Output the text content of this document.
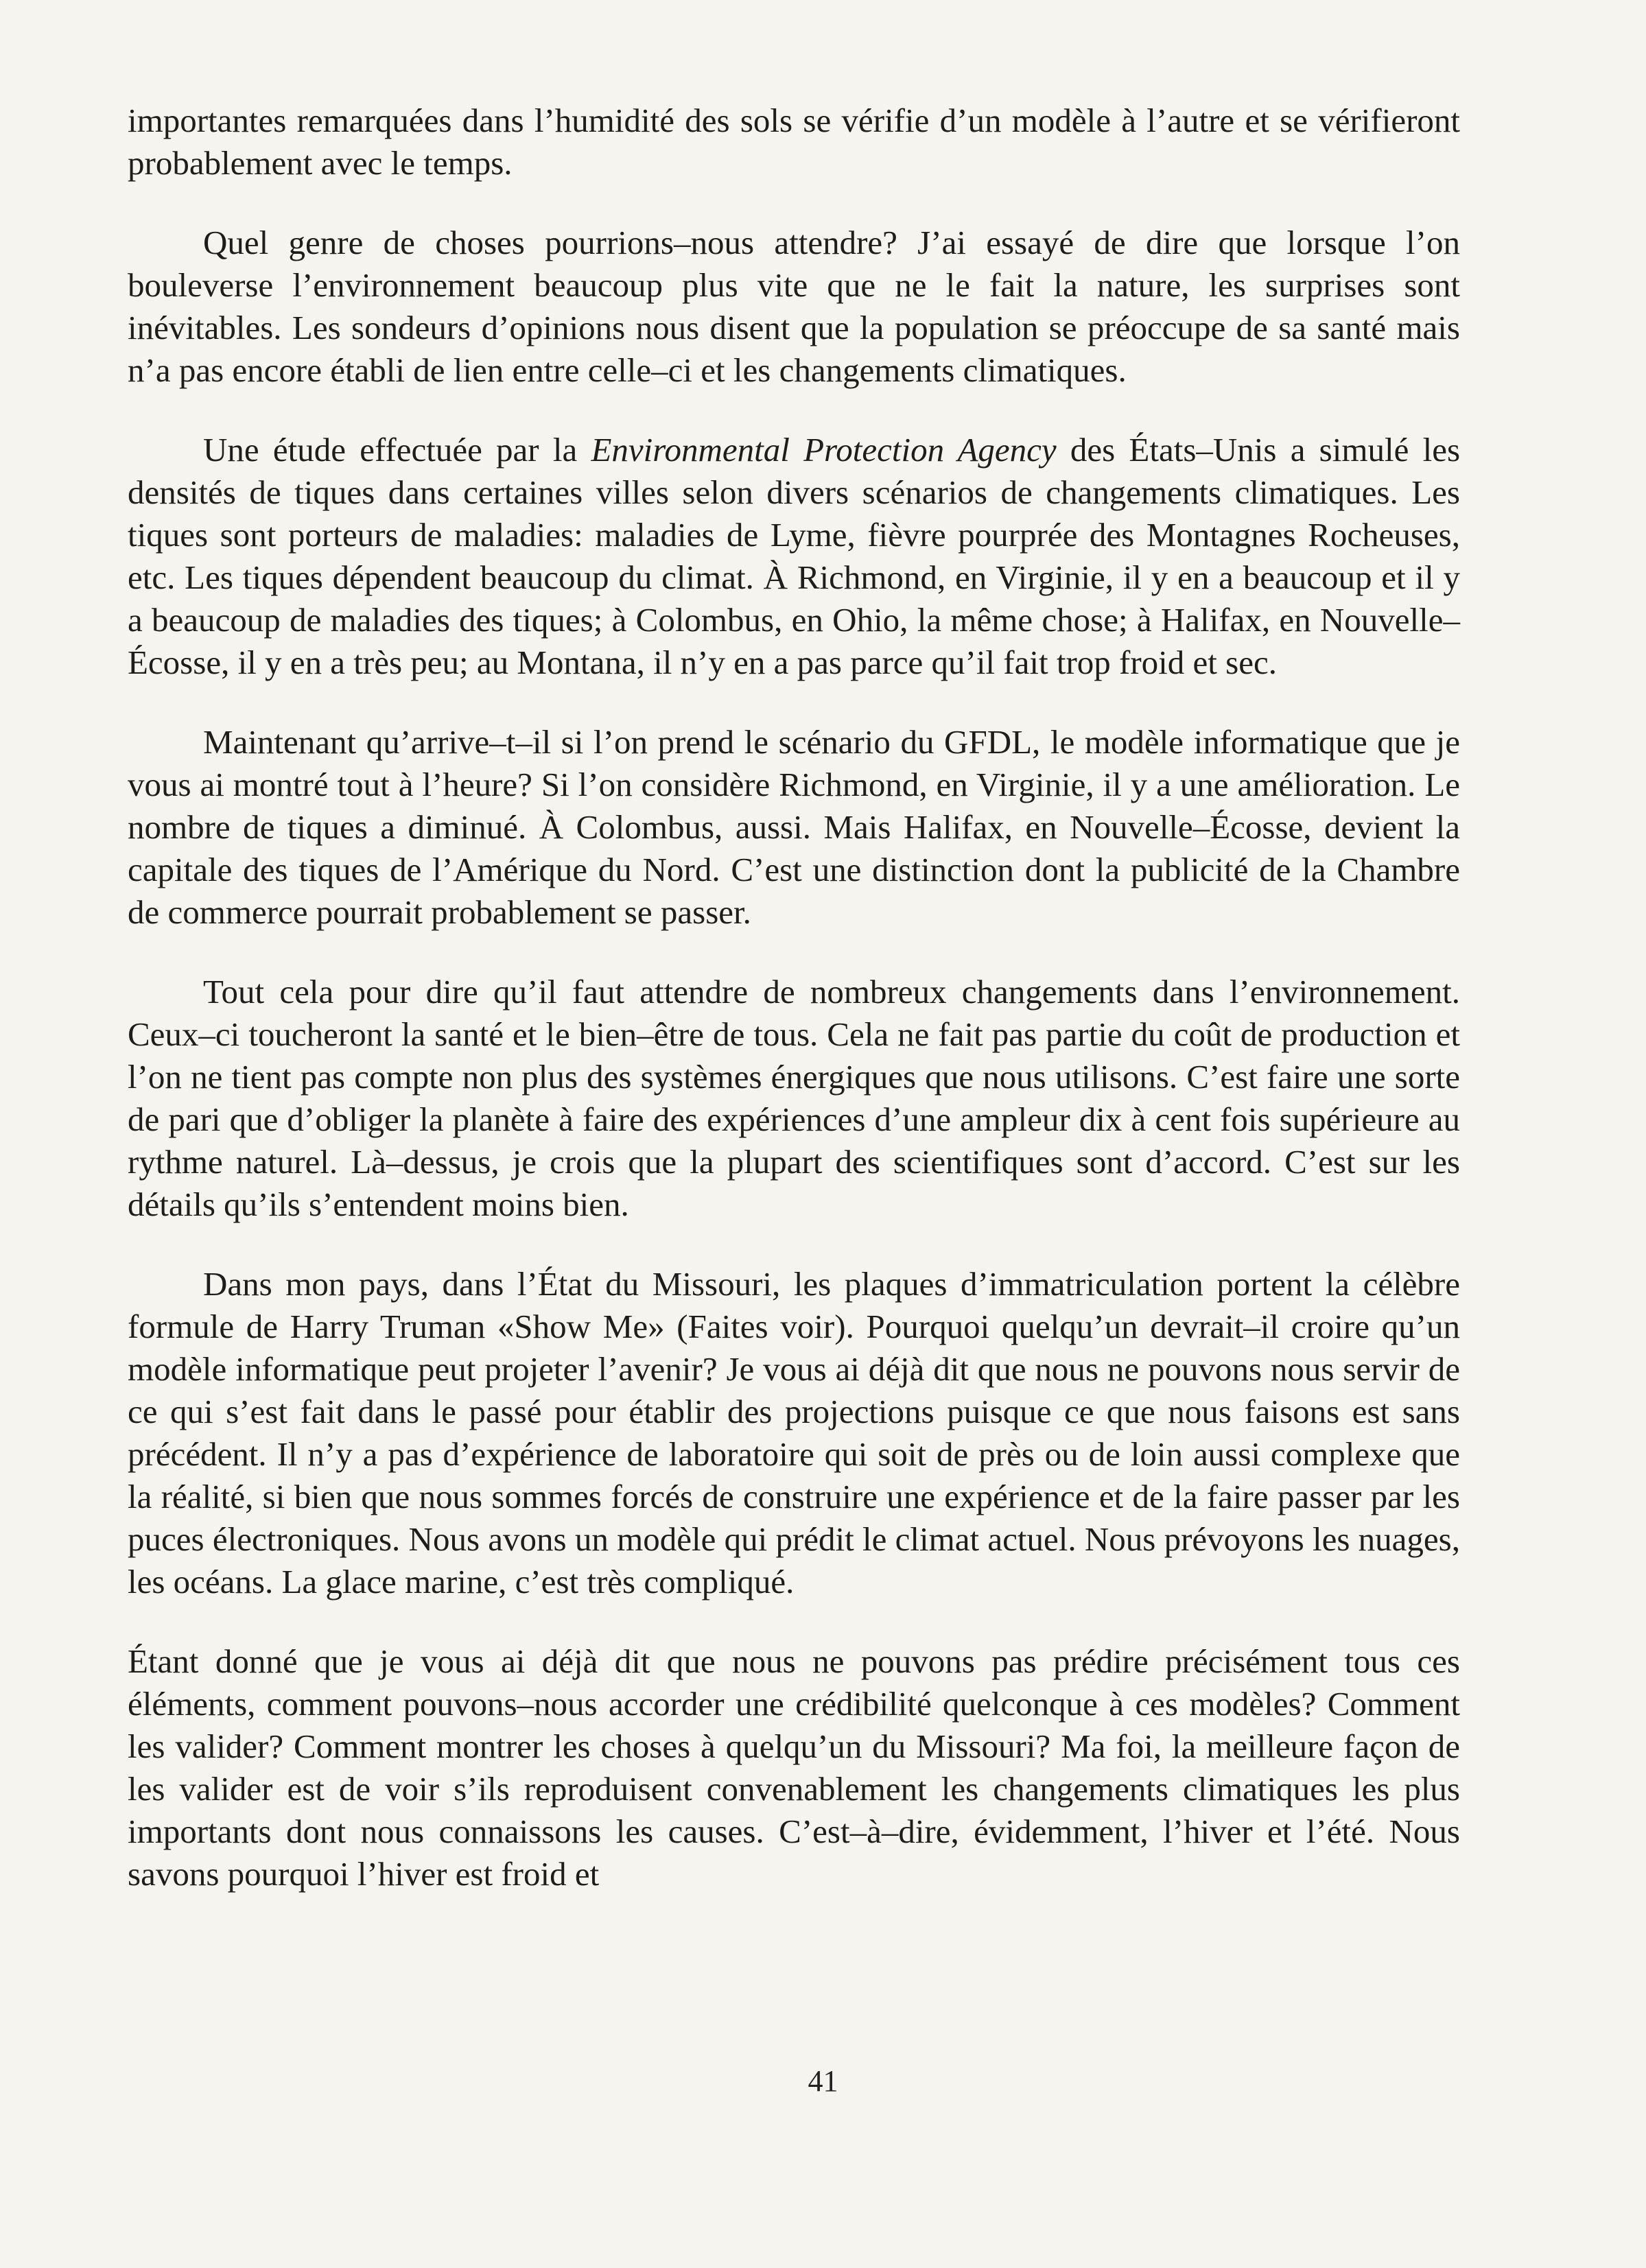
importantes remarquées dans l’humidité des sols se vérifie d’un modèle à l’autre et se vérifieront probablement avec le temps.

Quel genre de choses pourrions–nous attendre? J’ai essayé de dire que lorsque l’on bouleverse l’environnement beaucoup plus vite que ne le fait la nature, les surprises sont inévitables. Les sondeurs d’opinions nous disent que la population se préoccupe de sa santé mais n’a pas encore établi de lien entre celle–ci et les changements climatiques.

Une étude effectuée par la Environmental Protection Agency des États–Unis a simulé les densités de tiques dans certaines villes selon divers scénarios de changements climatiques. Les tiques sont porteurs de maladies: maladies de Lyme, fièvre pourprée des Montagnes Rocheuses, etc. Les tiques dépendent beaucoup du climat. À Richmond, en Virginie, il y en a beaucoup et il y a beaucoup de maladies des tiques; à Colombus, en Ohio, la même chose; à Halifax, en Nouvelle–Écosse, il y en a très peu; au Montana, il n’y en a pas parce qu’il fait trop froid et sec.

Maintenant qu’arrive–t–il si l’on prend le scénario du GFDL, le modèle informatique que je vous ai montré tout à l’heure? Si l’on considère Richmond, en Virginie, il y a une amélioration. Le nombre de tiques a diminué. À Colombus, aussi. Mais Halifax, en Nouvelle–Écosse, devient la capitale des tiques de l’Amérique du Nord. C’est une distinction dont la publicité de la Chambre de commerce pourrait probablement se passer.

Tout cela pour dire qu’il faut attendre de nombreux changements dans l’environnement. Ceux–ci toucheront la santé et le bien–être de tous. Cela ne fait pas partie du coût de production et l’on ne tient pas compte non plus des systèmes énergiques que nous utilisons. C’est faire une sorte de pari que d’obliger la planète à faire des expériences d’une ampleur dix à cent fois supérieure au rythme naturel. Là–dessus, je crois que la plupart des scientifiques sont d’accord. C’est sur les détails qu’ils s’entendent moins bien.

Dans mon pays, dans l’État du Missouri, les plaques d’immatriculation portent la célèbre formule de Harry Truman «Show Me» (Faites voir). Pourquoi quelqu’un devrait–il croire qu’un modèle informatique peut projeter l’avenir? Je vous ai déjà dit que nous ne pouvons nous servir de ce qui s’est fait dans le passé pour établir des projections puisque ce que nous faisons est sans précédent. Il n’y a pas d’expérience de laboratoire qui soit de près ou de loin aussi complexe que la réalité, si bien que nous sommes forcés de construire une expérience et de la faire passer par les puces électroniques. Nous avons un modèle qui prédit le climat actuel. Nous prévoyons les nuages, les océans. La glace marine, c’est très compliqué.

Étant donné que je vous ai déjà dit que nous ne pouvons pas prédire précisément tous ces éléments, comment pouvons–nous accorder une crédibilité quelconque à ces modèles? Comment les valider? Comment montrer les choses à quelqu’un du Missouri? Ma foi, la meilleure façon de les valider est de voir s’ils reproduisent convenablement les changements climatiques les plus importants dont nous connaissons les causes. C’est–à–dire, évidemment, l’hiver et l’été. Nous savons pourquoi l’hiver est froid et

41
